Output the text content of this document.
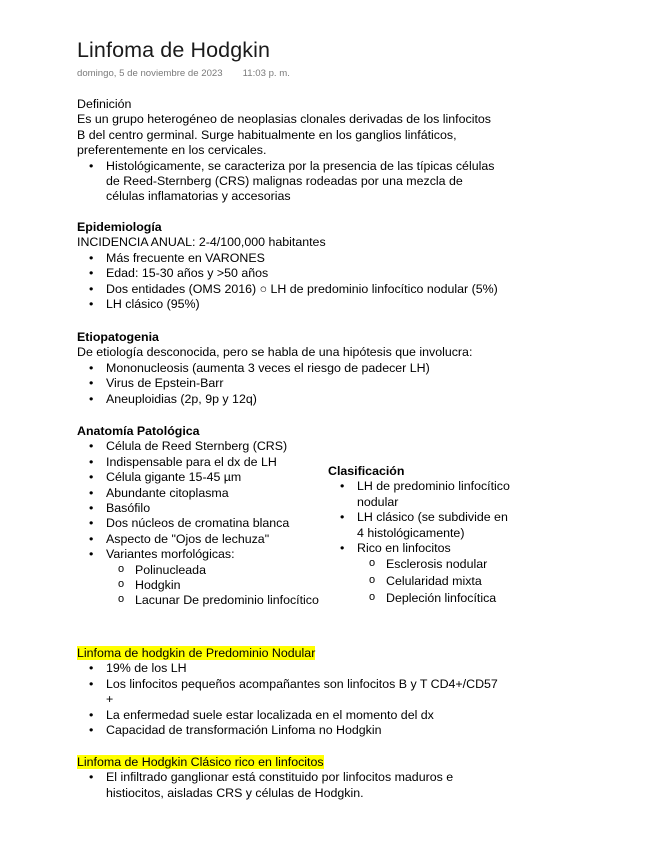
Linfoma de Hodgkin
domingo, 5 de noviembre de 2023 11:03 p. m.
Definición
Es un grupo heterogéneo de neoplasias clonales derivadas de los linfocitos
B del centro germinal. Surge habitualmente en los ganglios linfáticos,
preferentemente en los cervicales.
• Histológicamente, se caracteriza por la presencia de las típicas células
de Reed-Sternberg (CRS) malignas rodeadas por una mezcla de
células inflamatorias y accesorias
Epidemiología
INCIDENCIA ANUAL: 2-4/100,000 habitantes
• Más frecuente en VARONES
• Edad: 15-30 años y >50 años
• Dos entidades (OMS 2016) ○ LH de predominio linfocítico nodular (5%)
• LH clásico (95%)
Etiopatogenia
De etiología desconocida, pero se habla de una hipótesis que involucra:
• Mononucleosis (aumenta 3 veces el riesgo de padecer LH)
• Virus de Epstein-Barr
• Aneuploidias (2p, 9p y 12q)
Anatomía Patológica
• Célula de Reed Sternberg (CRS)
• Indispensable para el dx de LH
• Célula gigante 15-45 µm
• Abundante citoplasma
• Basófilo
• Dos núcleos de cromatina blanca
• Aspecto de "Ojos de lechuza"
• Variantes morfológicas:
o Polinucleada
o Hodgkin
o Lacunar De predominio linfocítico
Clasificación
• LH de predominio linfocítico
nodular
• LH clásico (se subdivide en
4 histológicamente)
• Rico en linfocitos
o Esclerosis nodular
o Celularidad mixta
o Depleción linfocítica
Linfoma de hodgkin de Predominio Nodular
• 19% de los LH
• Los linfocitos pequeños acompañantes son linfocitos B y T CD4+/CD57
+
• La enfermedad suele estar localizada en el momento del dx
• Capacidad de transformación Linfoma no Hodgkin
Linfoma de Hodgkin Clásico rico en linfocitos
• El infiltrado ganglionar está constituido por linfocitos maduros e
histiocitos, aisladas CRS y células de Hodgkin.
